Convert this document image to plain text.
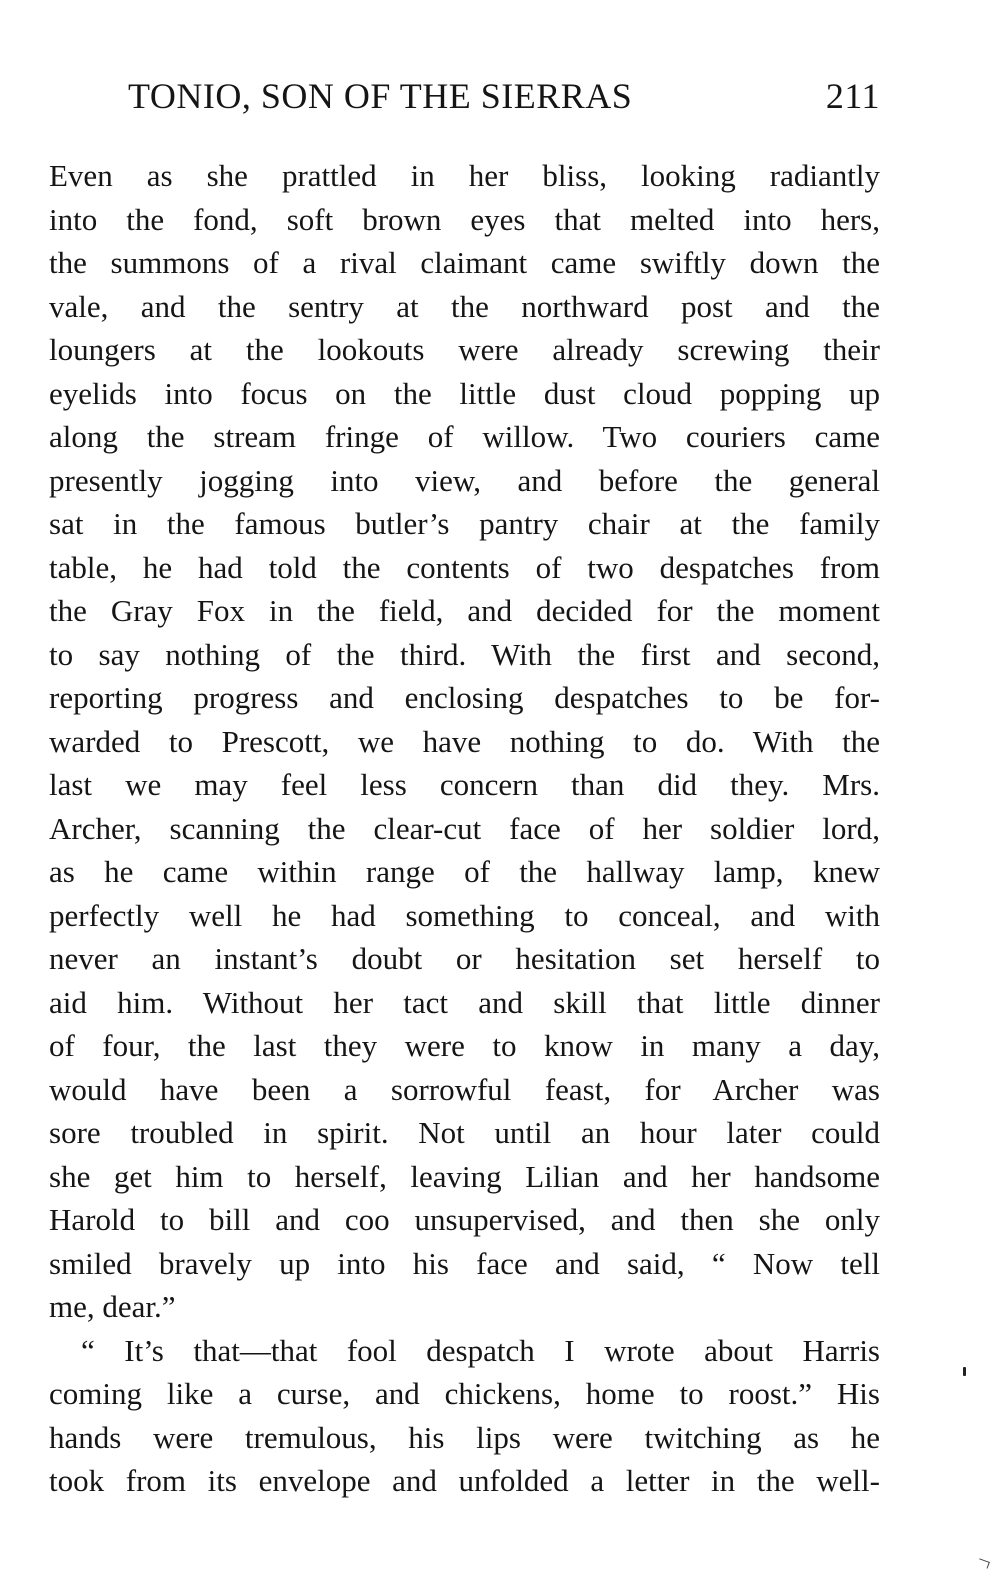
TONIO, SON OF THE SIERRAS	211
Even as she prattled in her bliss, looking radiantly
into the fond, soft brown eyes that melted into hers,
the summons of a rival claimant came swiftly down the
vale, and the sentry at the northward post and the
loungers at the lookouts were already screwing their
eyelids into focus on the little dust cloud popping up
along the stream fringe of willow. Two couriers came
presently jogging into view, and before the general
sat in the famous butler’s pantry chair at the family
table, he had told the contents of two despatches from
the Gray Fox in the field, and decided for the moment
to say nothing of the third. With the first and second,
reporting progress and enclosing despatches to be for-
warded to Prescott, we have nothing to do. With the
last we may feel less concern than did they. Mrs.
Archer, scanning the clear-cut face of her soldier lord,
as he came within range of the hallway lamp, knew
perfectly well he had something to conceal, and with
never an instant’s doubt or hesitation set herself to
aid him. Without her tact and skill that little dinner
of four, the last they were to know in many a day,
would have been a sorrowful feast, for Archer was
sore troubled in spirit. Not until an hour later could
she get him to herself, leaving Lilian and her handsome
Harold to bill and coo unsupervised, and then she only
smiled bravely up into his face and said, “ Now tell
me, dear.”
“ It’s that—that fool despatch I wrote about Harris
coming like a curse, and chickens, home to roost.” His
hands were tremulous, his lips were twitching as he
took from its envelope and unfolded a letter in the well-
